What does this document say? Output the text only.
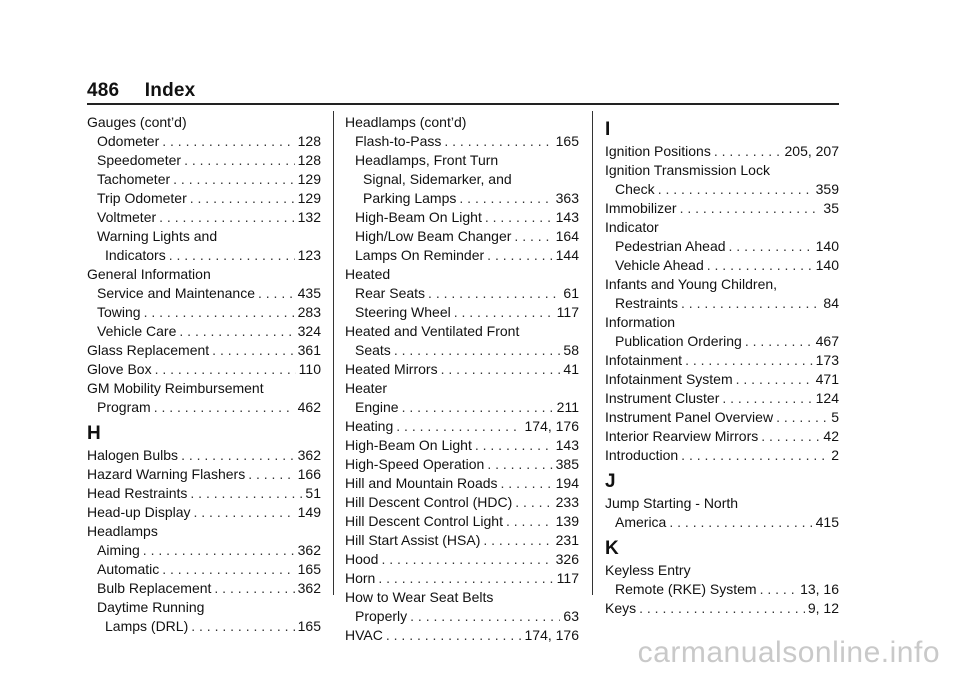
486 Index
Gauges (cont’d)
Odometer . . .	128
Speedometer . . .	128
Tachometer . . .	129
Trip Odometer . . .	129
Voltmeter . . .	132
Warning Lights and
Indicators . . .	123
General Information
Service and Maintenance . . .	435
Towing . . .	283
Vehicle Care . . .	324
Glass Replacement . . .	361
Glove Box . . .	110
GM Mobility Reimbursement
Program . . .	462
H
Halogen Bulbs . . .	362
Hazard Warning Flashers . . .	166
Head Restraints . . .	51
Head-up Display . . .	149
Headlamps
Aiming . . .	362
Automatic . . .	165
Bulb Replacement . . .	362
Daytime Running
Lamps (DRL) . . .	165
Headlamps (cont’d)
Flash-to-Pass . . .	165
Headlamps, Front Turn
Signal, Sidemarker, and
Parking Lamps . . .	363
High-Beam On Light . . .	143
High/Low Beam Changer . . .	164
Lamps On Reminder . . .	144
Heated
Rear Seats . . .	61
Steering Wheel . . .	117
Heated and Ventilated Front
Seats . . .	58
Heated Mirrors . . .	41
Heater
Engine . . .	211
Heating . . .	174, 176
High-Beam On Light . . .	143
High-Speed Operation . . .	385
Hill and Mountain Roads . . .	194
Hill Descent Control (HDC) . . .	233
Hill Descent Control Light . . .	139
Hill Start Assist (HSA) . . .	231
Hood . . .	326
Horn . . .	117
How to Wear Seat Belts
Properly . . .	63
HVAC . . .	174, 176
I
Ignition Positions . . .	205, 207
Ignition Transmission Lock
Check . . .	359
Immobilizer . . .	35
Indicator
Pedestrian Ahead . . .	140
Vehicle Ahead . . .	140
Infants and Young Children,
Restraints . . .	84
Information
Publication Ordering . . .	467
Infotainment . . .	173
Infotainment System . . .	471
Instrument Cluster . . .	124
Instrument Panel Overview . . .	5
Interior Rearview Mirrors . . .	42
Introduction . . .	2
J
Jump Starting - North
America . . .	415
K
Keyless Entry
Remote (RKE) System . . .	13, 16
Keys . . .	9, 12
carmanualsonline.info
